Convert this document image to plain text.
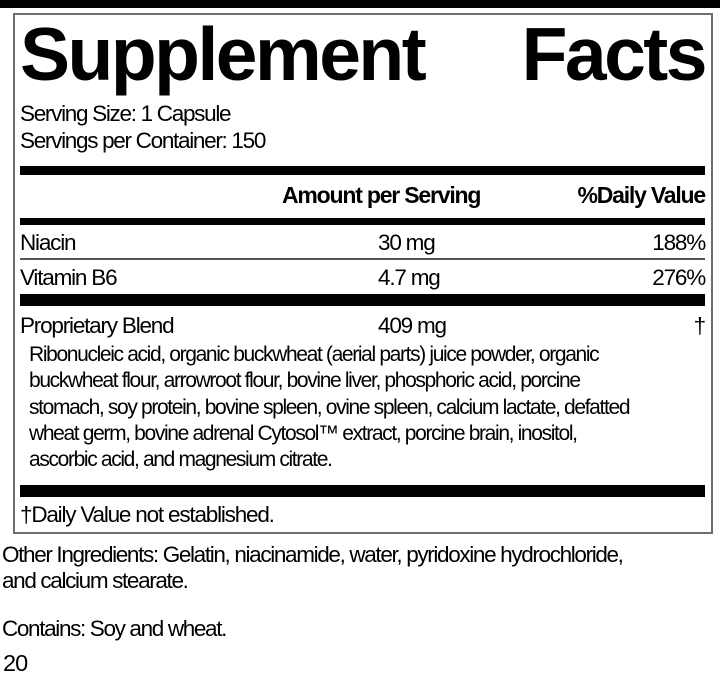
Supplement Facts
Serving Size: 1 Capsule
Servings per Container: 150
Amount per Serving	%Daily Value
Niacin	30 mg	188%
Vitamin B6	4.7 mg	276%
Proprietary Blend	409 mg	†
Ribonucleic acid, organic buckwheat (aerial parts) juice powder, organic
buckwheat flour, arrowroot flour, bovine liver, phosphoric acid, porcine
stomach, soy protein, bovine spleen, ovine spleen, calcium lactate, defatted
wheat germ, bovine adrenal Cytosol™ extract, porcine brain, inositol,
ascorbic acid, and magnesium citrate.
†Daily Value not established.
Other Ingredients: Gelatin, niacinamide, water, pyridoxine hydrochloride,
and calcium stearate.
Contains: Soy and wheat.
20
